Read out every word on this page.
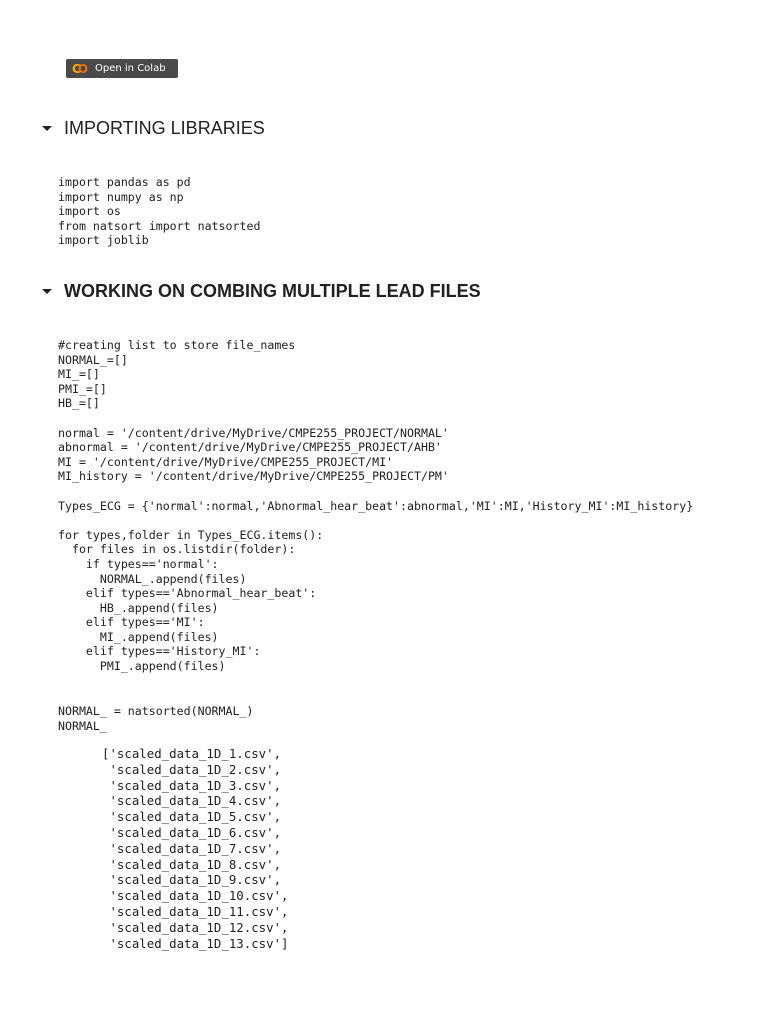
C O Open in Colab
IMPORTING LIBRARIES
import pandas as pd
import numpy as np
import os
from natsort import natsorted
import joblib
WORKING ON COMBING MULTIPLE LEAD FILES
#creating list to store file_names
NORMAL_=[]
MI_=[]
PMI_=[]
HB_=[]

normal = '/content/drive/MyDrive/CMPE255_PROJECT/NORMAL'
abnormal = '/content/drive/MyDrive/CMPE255_PROJECT/AHB'
MI = '/content/drive/MyDrive/CMPE255_PROJECT/MI'
MI_history = '/content/drive/MyDrive/CMPE255_PROJECT/PM'

Types_ECG = {'normal':normal,'Abnormal_hear_beat':abnormal,'MI':MI,'History_MI':MI_history}

for types,folder in Types_ECG.items():
for files in os.listdir(folder):
if types=='normal':
NORMAL_.append(files)
elif types=='Abnormal_hear_beat':
HB_.append(files)
elif types=='MI':
MI_.append(files)
elif types=='History_MI':
PMI_.append(files)
NORMAL_ = natsorted(NORMAL_)
NORMAL_
['scaled_data_1D_1.csv',
'scaled_data_1D_2.csv',
'scaled_data_1D_3.csv',
'scaled_data_1D_4.csv',
'scaled_data_1D_5.csv',
'scaled_data_1D_6.csv',
'scaled_data_1D_7.csv',
'scaled_data_1D_8.csv',
'scaled_data_1D_9.csv',
'scaled_data_1D_10.csv',
'scaled_data_1D_11.csv',
'scaled_data_1D_12.csv',
'scaled_data_1D_13.csv']
